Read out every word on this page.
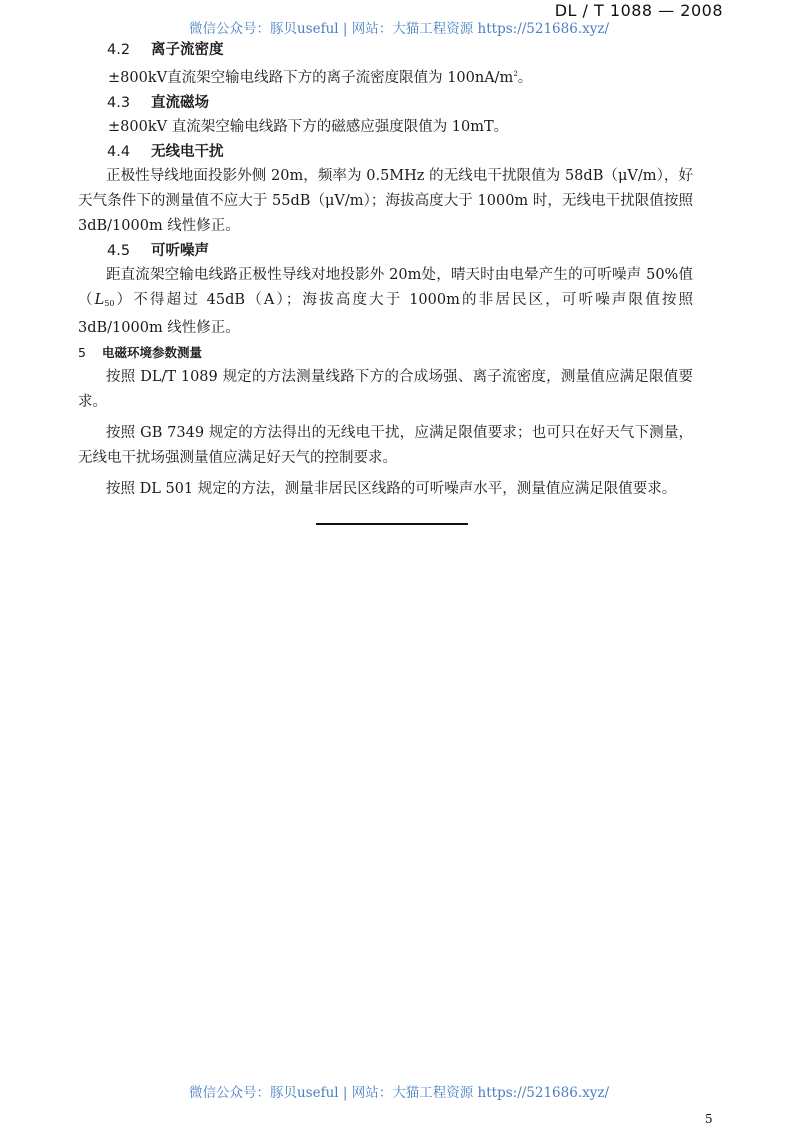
DL / T 1088 — 2008
微信公众号：豚贝useful | 网站：大猫工程资源 https://521686.xyz/
4.2 离子流密度

±800kV直流架空输电线路下方的离子流密度限值为 $100nA/m^2$。

4.3 直流磁场

±800kV 直流架空输电线路下方的磁感应强度限值为 10mT。

4.4 无线电干扰

正极性导线地面投影外侧 20m，频率为 0.5MHz 的无线电干扰限值为 58dB（μV/m），好天气条件下的测量值不应大于 55dB（μV/m）；海拔高度大于 1000m 时，无线电干扰限值按照 3dB/1000m 线性修正。

4.5 可听噪声

距直流架空输电线路正极性导线对地投影外 20m处，晴天时由电晕产生的可听噪声 50%值$(L_{50})$不得超过 45dB（A）；海拔高度大于 1000m的非居民区，可听噪声限值按照 3dB/1000m 线性修正。

5 电磁环境参数测量

按照 DL/T 1089 规定的方法测量线路下方的合成场强、离子流密度，测量值应满足限值要求。

按照 GB 7349 规定的方法得出的无线电干扰，应满足限值要求；也可只在好天气下测量，无线电干扰场强测量值应满足好天气的控制要求。

按照 DL 501 规定的方法，测量非居民区线路的可听噪声水平，测量值应满足限值要求。

微信公众号：豚贝useful | 网站：大猫工程资源 https://521686.xyz/
5
